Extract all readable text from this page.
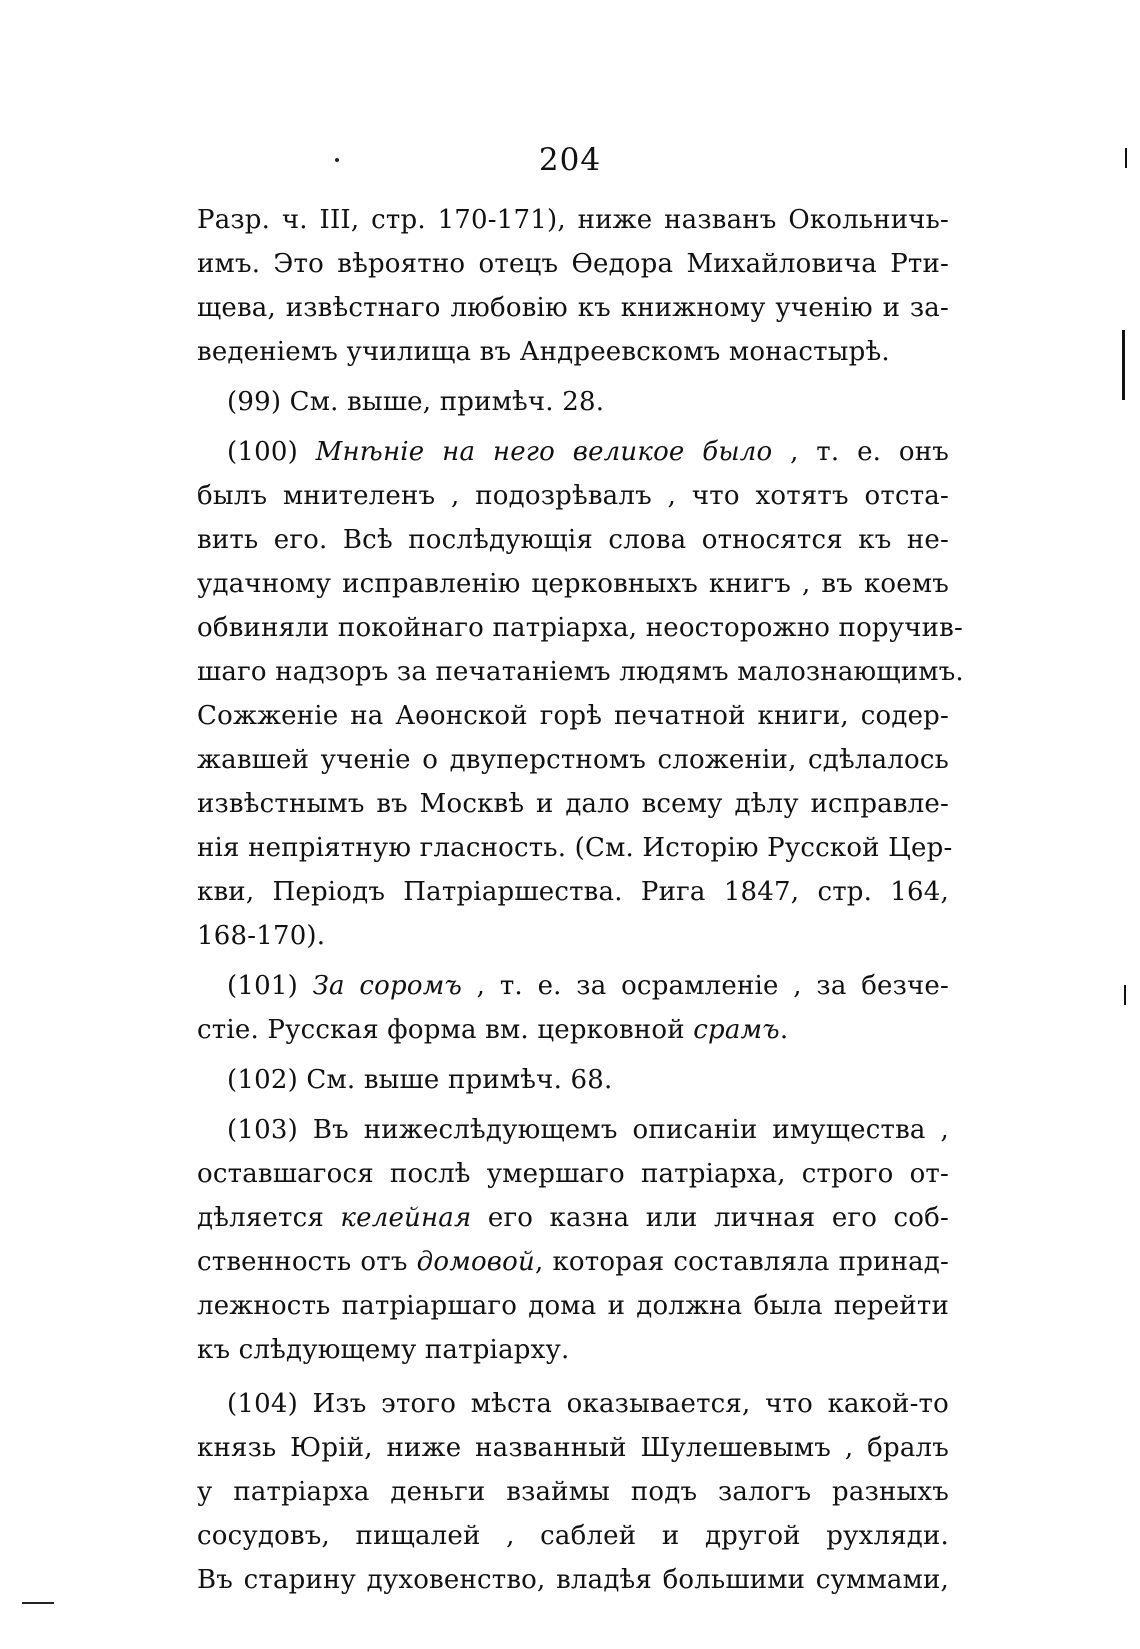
204
Разр. ч. III, стр. 170-171), ниже названъ Окольничь-
имъ. Это вѣроятно отецъ Ѳедора Михайловича Рти-
щева, извѣстнаго любовію къ книжному ученію и за-
веденіемъ училища въ Андреевскомъ монастырѣ.
(99) См. выше, примѣч. 28.
(100) Мнѣніе на него великое было , т. е. онъ
былъ мнителенъ , подозрѣвалъ , что хотятъ отста-
вить его. Всѣ послѣдующія слова относятся къ не-
удачному исправленію церковныхъ книгъ , въ коемъ
обвиняли покойнаго патріарха, неосторожно поручив-
шаго надзоръ за печатаніемъ людямъ малознающимъ.
Сожженіе на Аѳонской горѣ печатной книги, содер-
жавшей ученіе о двуперстномъ сложеніи, сдѣлалось
извѣстнымъ въ Москвѣ и дало всему дѣлу исправле-
нія непріятную гласность. (См. Исторію Русской Цер-
кви, Періодъ Патріаршества. Рига 1847, стр. 164,
168-170).
(101) За соромъ , т. е. за осрамленіе , за безче-
стіе. Русская форма вм. церковной срамъ.
(102) См. выше примѣч. 68.
(103) Въ нижеслѣдующемъ описаніи имущества ,
оставшагося послѣ умершаго патріарха, строго от-
дѣляется келейная его казна или личная его соб-
ственность отъ домовой, которая составляла принад-
лежность патріаршаго дома и должна была перейти
къ слѣдующему патріарху.
(104) Изъ этого мѣста оказывается, что какой-то
князь Юрій, ниже названный Шулешевымъ , бралъ
у патріарха деньги взаймы подъ залогъ разныхъ
сосудовъ, пищалей , саблей и другой рухляди.
Въ старину духовенство, владѣя большими суммами,
